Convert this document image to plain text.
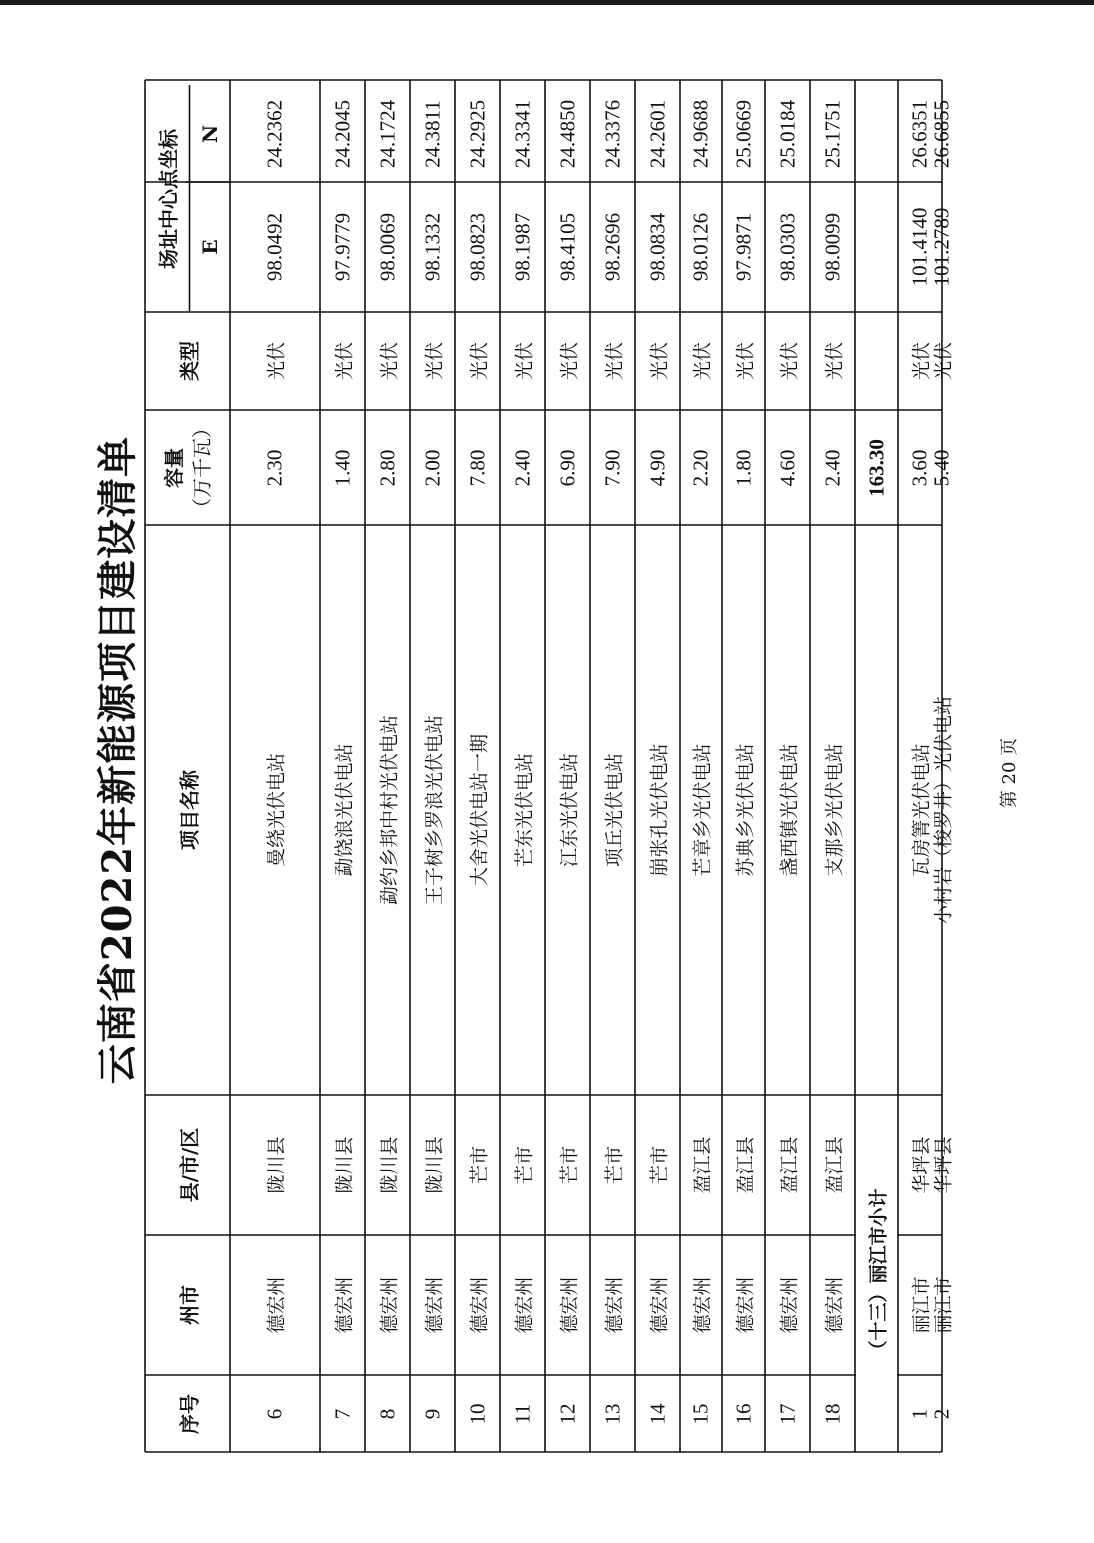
云南省2022年新能源项目建设清单
序号
州市
县/市/区
项目名称
容量 （万千瓦）
类型
场址中心点坐标 E
N
6
德宏州
陇川县
曼绕光伏电站
2.30
光伏
98.0492
24.2362
7
德宏州
陇川县
勐饶浪光伏电站
1.40
光伏
97.9779
24.2045
8
德宏州
陇川县
勐约乡邦中村光伏电站
2.80
光伏
98.0069
24.1724
9
德宏州
陇川县
王子树乡罗浪光伏电站
2.00
光伏
98.1332
24.3811
10
德宏州
芒市
大舍光伏电站一期
7.80
光伏
98.0823
24.2925
11
德宏州
芒市
芒东光伏电站
2.40
光伏
98.1987
24.3341
12
德宏州
芒市
江东光伏电站
6.90
光伏
98.4105
24.4850
13
德宏州
芒市
项丘光伏电站
7.90
光伏
98.2696
24.3376
14
德宏州
芒市
崩张孔光伏电站
4.90
光伏
98.0834
24.2601
15
德宏州
盈江县
芒章乡光伏电站
2.20
光伏
98.0126
24.9688
16
德宏州
盈江县
苏典乡光伏电站
1.80
光伏
97.9871
25.0669
17
德宏州
盈江县
盏西镇光伏电站
4.60
光伏
98.0303
25.0184
18
德宏州
盈江县
支那乡光伏电站
2.40
光伏
98.0099
25.1751
（十三）丽江市小计
163.30
1
丽江市
华坪县
瓦房箐光伏电站
3.60
光伏
101.4140
26.6351
2
丽江市
华坪县
小村岩（梭罗井）光伏电站
5.40
光伏
101.2789
26.6855
第 20 页
